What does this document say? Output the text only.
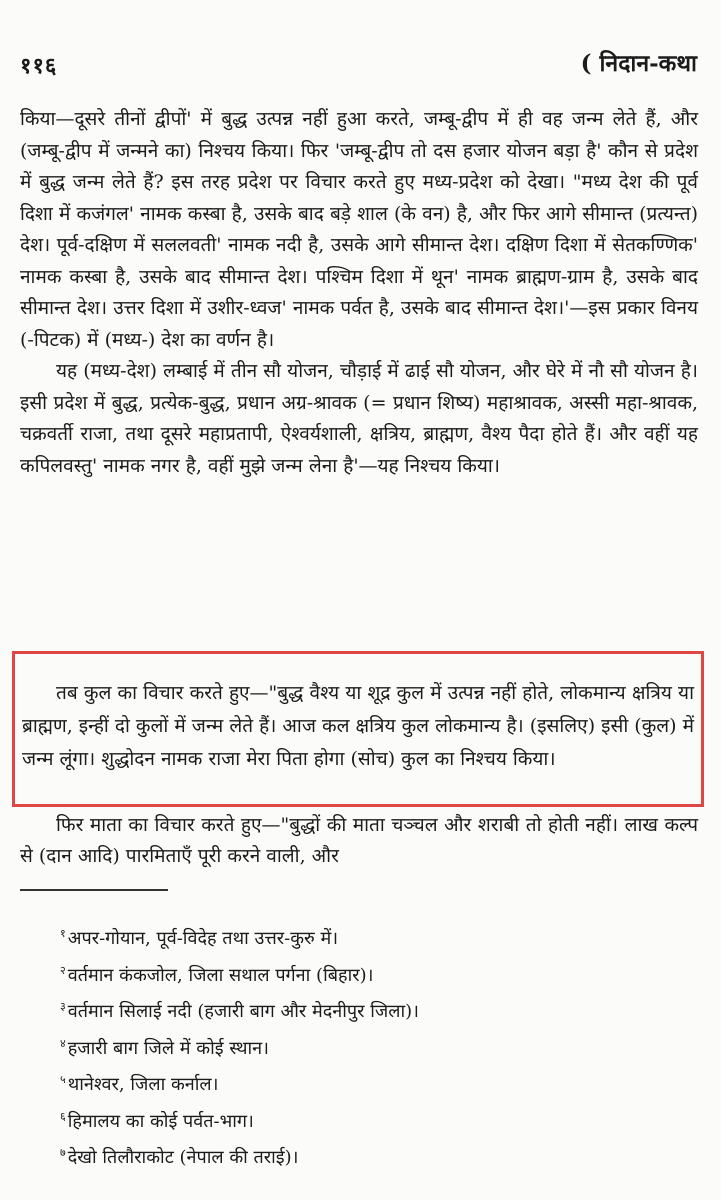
११६	( निदान-कथा

किया—दूसरे तीनों द्वीपों' में बुद्ध उत्पन्न नहीं हुआ करते, जम्बू-द्वीप में ही वह जन्म लेते हैं, और (जम्बू-द्वीप में जन्मने का) निश्चय किया। फिर 'जम्बू-द्वीप तो दस हजार योजन बड़ा है' कौन से प्रदेश में बुद्ध जन्म लेते हैं? इस तरह प्रदेश पर विचार करते हुए मध्य-प्रदेश को देखा। "मध्य देश की पूर्व दिशा में कजंगल' नामक कस्बा है, उसके बाद बड़े शाल (के वन) है, और फिर आगे सीमान्त (प्रत्यन्त) देश। पूर्व-दक्षिण में सललवती' नामक नदी है, उसके आगे सीमान्त देश। दक्षिण दिशा में सेतकण्णिक' नामक कस्बा है, उसके बाद सीमान्त देश। पश्चिम दिशा में थून' नामक ब्राह्मण-ग्राम है, उसके बाद सीमान्त देश। उत्तर दिशा में उशीर-ध्वज' नामक पर्वत है, उसके बाद सीमान्त देश।'—इस प्रकार विनय (-पिटक) में (मध्य-) देश का वर्णन है।

यह (मध्य-देश) लम्बाई में तीन सौ योजन, चौड़ाई में ढाई सौ योजन, और घेरे में नौ सौ योजन है। इसी प्रदेश में बुद्ध, प्रत्येक-बुद्ध, प्रधान अग्र-श्रावक (= प्रधान शिष्य) महाश्रावक, अस्सी महा-श्रावक, चक्रवर्ती राजा, तथा दूसरे महाप्रतापी, ऐश्वर्यशाली, क्षत्रिय, ब्राह्मण, वैश्य पैदा होते हैं। और वहीं यह कपिलवस्तु' नामक नगर है, वहीं मुझे जन्म लेना है'—यह निश्चय किया।

तब कुल का विचार करते हुए—"बुद्ध वैश्य या शूद्र कुल में उत्पन्न नहीं होते, लोकमान्य क्षत्रिय या ब्राह्मण, इन्हीं दो कुलों में जन्म लेते हैं। आज कल क्षत्रिय कुल लोकमान्य है। (इसलिए) इसी (कुल) में जन्म लूंगा। शुद्धोदन नामक राजा मेरा पिता होगा (सोच) कुल का निश्चय किया।

फिर माता का विचार करते हुए—"बुद्धों की माता चञ्चल और शराबी तो होती नहीं। लाख कल्प से (दान आदि) पारमिताएँ पूरी करने वाली, और

$^१$ अपर-गोयान, पूर्व-विदेह तथा उत्तर-कुरु में।
$^२$ वर्तमान कंकजोल, जिला सथाल पर्गना (बिहार)।
$^३$ वर्तमान सिलाई नदी (हजारी बाग और मेदनीपुर जिला)।
$^४$ हजारी बाग जिले में कोई स्थान।
$^५$ थानेश्वर, जिला कर्नाल।
$^६$ हिमालय का कोई पर्वत-भाग।
$^७$ देखो तिलौराकोट (नेपाल की तराई)।
